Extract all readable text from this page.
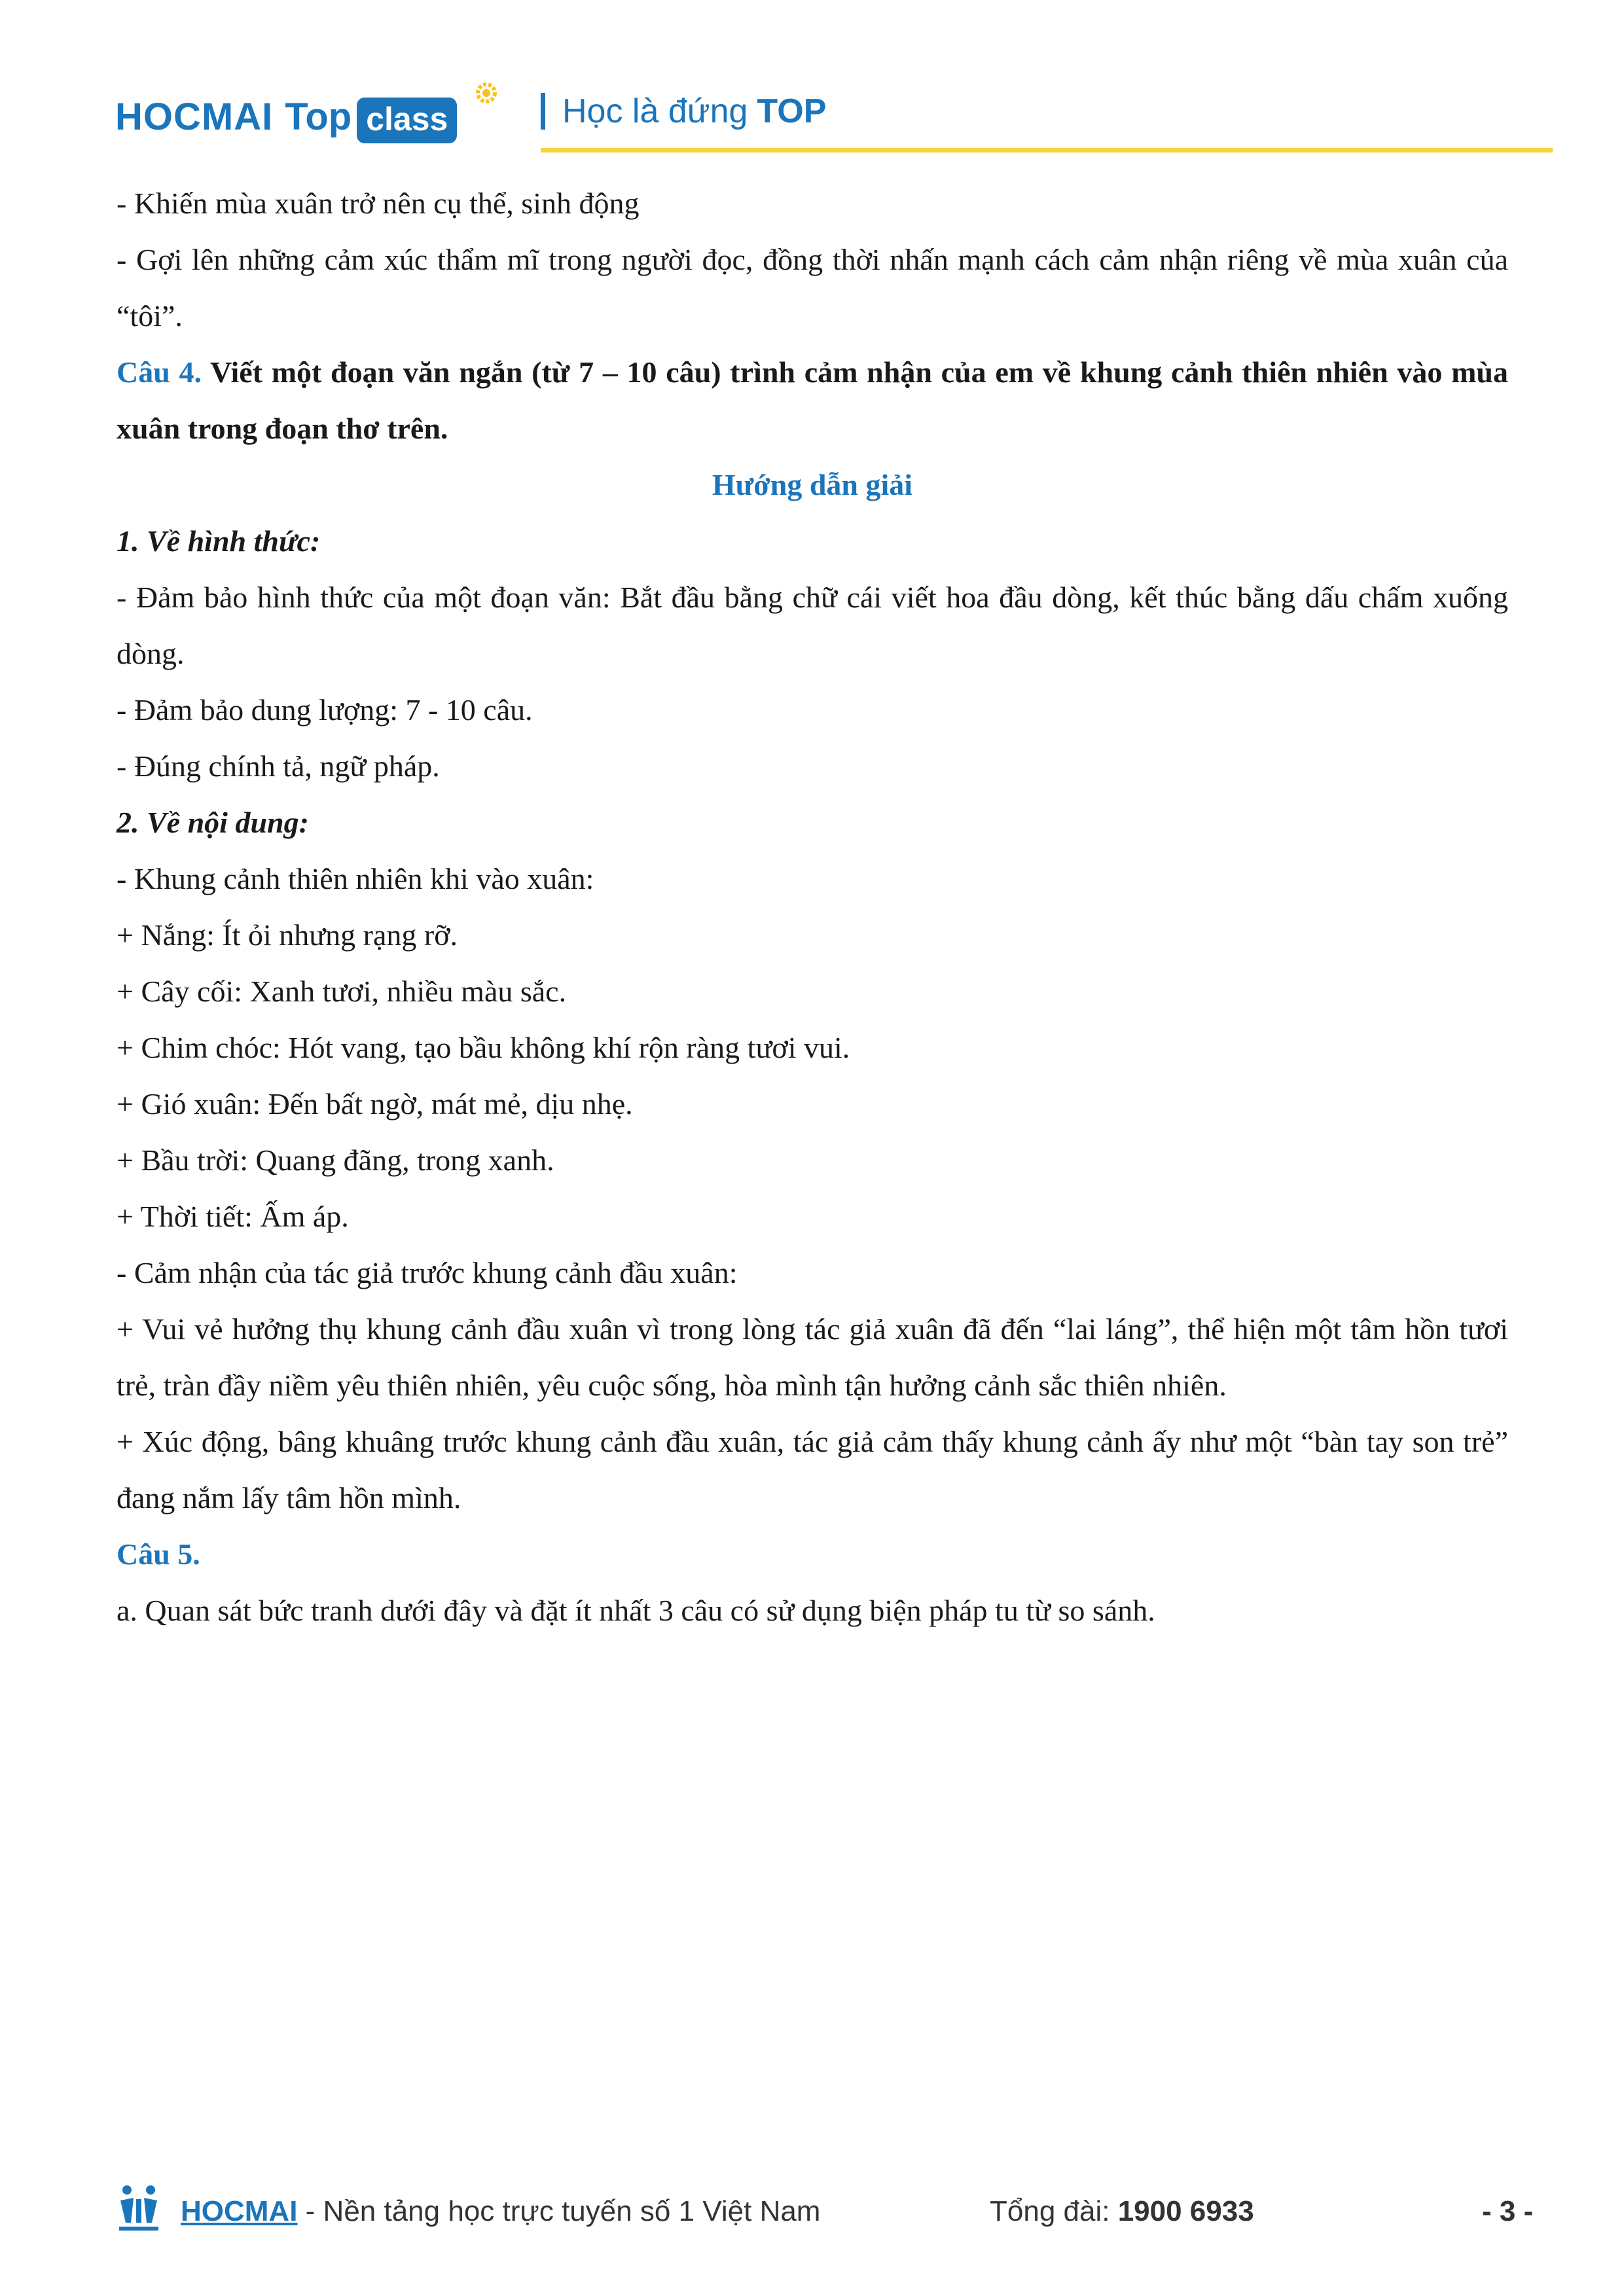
HOCMAI Top class	Học là đứng TOP
- Khiến mùa xuân trở nên cụ thể, sinh động
- Gợi lên những cảm xúc thẩm mĩ trong người đọc, đồng thời nhấn mạnh cách cảm nhận riêng về mùa xuân của “tôi”.
Câu 4. Viết một đoạn văn ngắn (từ 7 – 10 câu) trình cảm nhận của em về khung cảnh thiên nhiên vào mùa xuân trong đoạn thơ trên.
Hướng dẫn giải
1. Về hình thức:
- Đảm bảo hình thức của một đoạn văn: Bắt đầu bằng chữ cái viết hoa đầu dòng, kết thúc bằng dấu chấm xuống dòng.
- Đảm bảo dung lượng: 7 - 10 câu.
- Đúng chính tả, ngữ pháp.
2. Về nội dung:
- Khung cảnh thiên nhiên khi vào xuân:
+ Nắng: Ít ỏi nhưng rạng rỡ.
+ Cây cối: Xanh tươi, nhiều màu sắc.
+ Chim chóc: Hót vang, tạo bầu không khí rộn ràng tươi vui.
+ Gió xuân: Đến bất ngờ, mát mẻ, dịu nhẹ.
+ Bầu trời: Quang đãng, trong xanh.
+ Thời tiết: Ấm áp.
- Cảm nhận của tác giả trước khung cảnh đầu xuân:
+ Vui vẻ hưởng thụ khung cảnh đầu xuân vì trong lòng tác giả xuân đã đến “lai láng”, thể hiện một tâm hồn tươi trẻ, tràn đầy niềm yêu thiên nhiên, yêu cuộc sống, hòa mình tận hưởng cảnh sắc thiên nhiên.
+ Xúc động, bâng khuâng trước khung cảnh đầu xuân, tác giả cảm thấy khung cảnh ấy như một “bàn tay son trẻ” đang nắm lấy tâm hồn mình.
Câu 5.
a. Quan sát bức tranh dưới đây và đặt ít nhất 3 câu có sử dụng biện pháp tu từ so sánh.
HOCMAI - Nền tảng học trực tuyến số 1 Việt Nam	Tổng đài: 1900 6933	- 3 -
